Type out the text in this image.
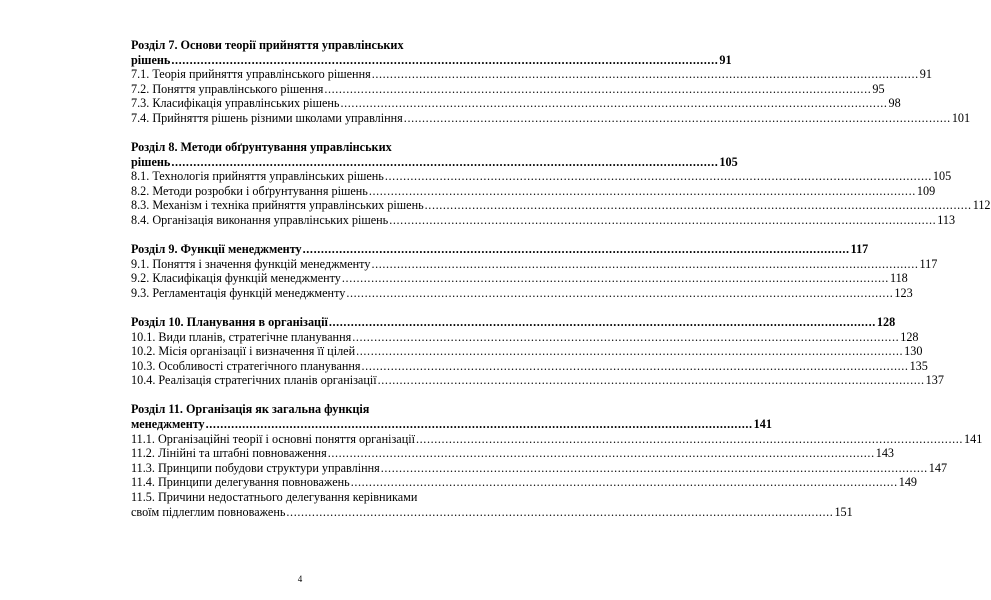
Розділ 7. Основи теорії прийняття управлінських
рішень .....	91
7.1. Теорія прийняття управлінського рішення .....	91
7.2. Поняття управлінського рішення .....	95
7.3. Класифікація управлінських рішень .....	98
7.4. Прийняття рішень різними школами управління .....	101
Розділ 8. Методи обґрунтування управлінських
рішень .....	105
8.1. Технологія прийняття управлінських рішень .....	105
8.2. Методи розробки і обґрунтування рішень .....	109
8.3. Механізм і техніка прийняття управлінських рішень .....	112
8.4. Організація виконання управлінських рішень .....	113
Розділ 9. Функції менеджменту .....	117
9.1. Поняття і значення функцій менеджменту .....	117
9.2. Класифікація функцій менеджменту .....	118
9.3. Регламентація функцій менеджменту .....	123
Розділ 10. Планування в організації .....	128
10.1. Види планів, стратегічне планування .....	128
10.2. Місія організації і визначення її цілей .....	130
10.3. Особливості стратегічного планування .....	135
10.4. Реалізація стратегічних планів організації .....	137
Розділ 11. Організація як загальна функція
менеджменту .....	141
11.1. Організаційні теорії і основні поняття організації .....	141
11.2. Лінійні та штабні повноваження .....	143
11.3. Принципи побудови структури управління .....	147
11.4. Принципи делегування повноважень .....	149
11.5. Причини недостатнього делегування керівниками
своїм підлеглим повноважень .....	151
4
